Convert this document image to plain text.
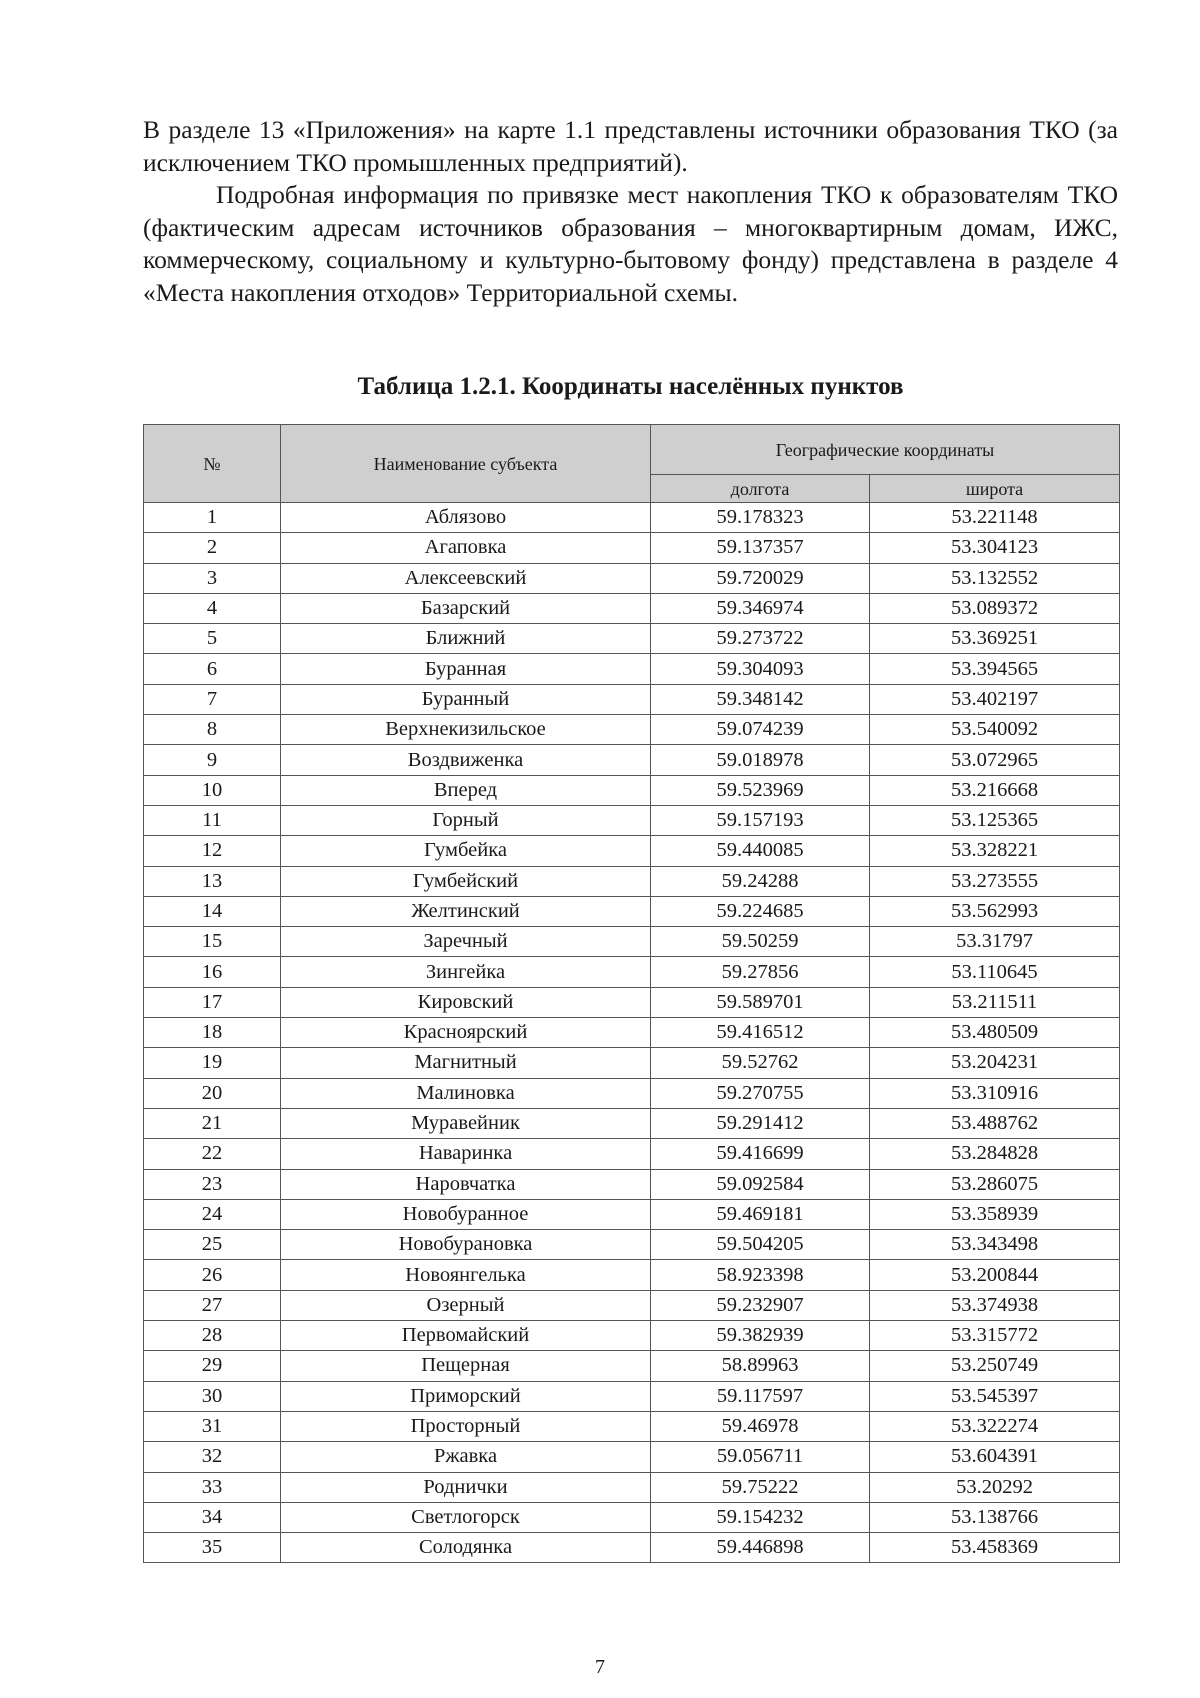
В разделе 13 «Приложения» на карте 1.1 представлены источники образования ТКО (за исключением ТКО промышленных предприятий).

Подробная информация по привязке мест накопления ТКО к образователям ТКО (фактическим адресам источников образования – многоквартирным домам, ИЖС, коммерческому, социальному и культурно-бытовому фонду) представлена в разделе 4 «Места накопления отходов» Территориальной схемы.

Таблица 1.2.1. Координаты населённых пунктов
№	Наименование субъекта	Географические координаты	
		долгота	широта
1	Аблязово	59.178323	53.221148
2	Агаповка	59.137357	53.304123
3	Алексеевский	59.720029	53.132552
4	Базарский	59.346974	53.089372
5	Ближний	59.273722	53.369251
6	Буранная	59.304093	53.394565
7	Буранный	59.348142	53.402197
8	Верхнекизильское	59.074239	53.540092
9	Воздвиженка	59.018978	53.072965
10	Вперед	59.523969	53.216668
11	Горный	59.157193	53.125365
12	Гумбейка	59.440085	53.328221
13	Гумбейский	59.24288	53.273555
14	Желтинский	59.224685	53.562993
15	Заречный	59.50259	53.31797
16	Зингейка	59.27856	53.110645
17	Кировский	59.589701	53.211511
18	Красноярский	59.416512	53.480509
19	Магнитный	59.52762	53.204231
20	Малиновка	59.270755	53.310916
21	Муравейник	59.291412	53.488762
22	Наваринка	59.416699	53.284828
23	Наровчатка	59.092584	53.286075
24	Новобуранное	59.469181	53.358939
25	Новобурановка	59.504205	53.343498
26	Новоянгелька	58.923398	53.200844
27	Озерный	59.232907	53.374938
28	Первомайский	59.382939	53.315772
29	Пещерная	58.89963	53.250749
30	Приморский	59.117597	53.545397
31	Просторный	59.46978	53.322274
32	Ржавка	59.056711	53.604391
33	Роднички	59.75222	53.20292
34	Светлогорск	59.154232	53.138766
35	Солодянка	59.446898	53.458369
7
